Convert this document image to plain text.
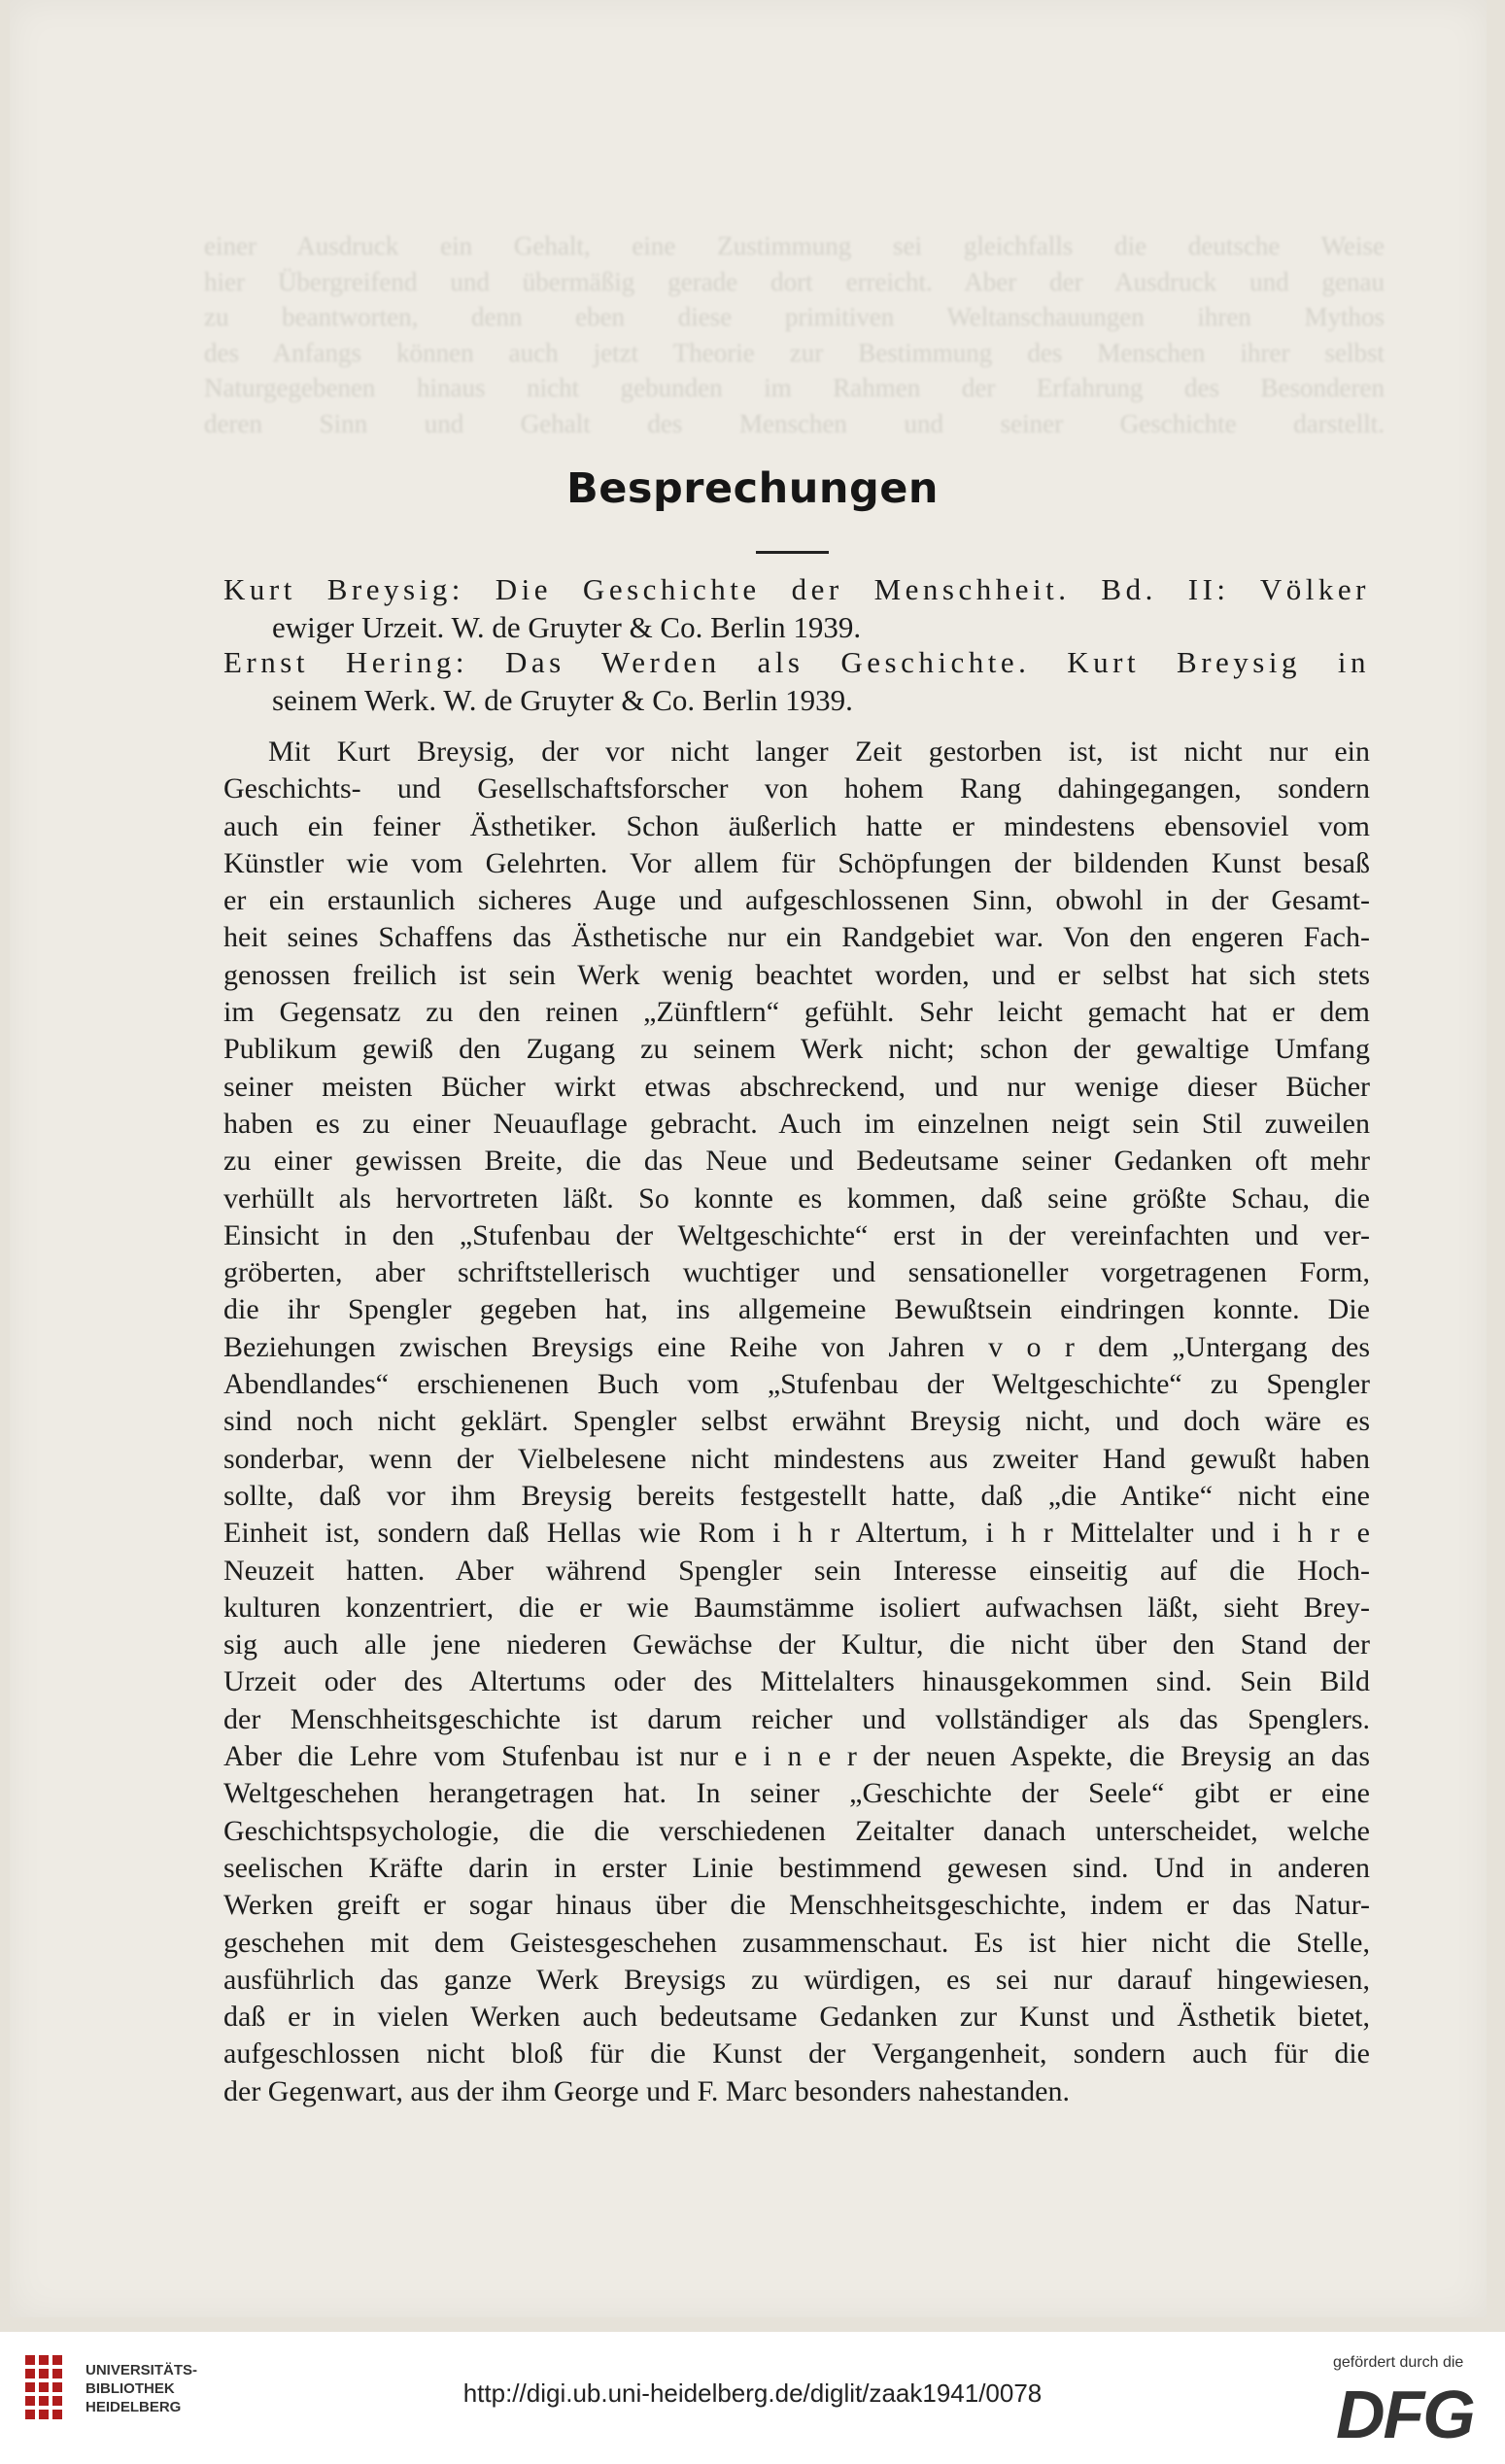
einer Ausdruck ein Gehalt, eine Zustimmung sei gleichfalls die deutsche Weise
hier Übergreifend und übermäßig gerade dort erreicht. Aber der Ausdruck und genau
zu beantworten, denn eben diese primitiven Weltanschauungen ihren Mythos
des Anfangs können auch jetzt Theorie zur Bestimmung des Menschen ihrer selbst
Naturgegebenen hinaus nicht gebunden im Rahmen der Erfahrung des Besonderen
deren Sinn und Gehalt des Menschen und seiner Geschichte darstellt.
Besprechungen
Kurt Breysig: Die Geschichte der Menschheit. Bd. II: Völker
ewiger Urzeit. W. de Gruyter & Co. Berlin 1939.
Ernst Hering: Das Werden als Geschichte. Kurt Breysig in
seinem Werk. W. de Gruyter & Co. Berlin 1939.
Mit Kurt Breysig, der vor nicht langer Zeit gestorben ist, ist nicht nur ein
Geschichts- und Gesellschaftsforscher von hohem Rang dahingegangen, sondern
auch ein feiner Ästhetiker. Schon äußerlich hatte er mindestens ebensoviel vom
Künstler wie vom Gelehrten. Vor allem für Schöpfungen der bildenden Kunst besaß
er ein erstaunlich sicheres Auge und aufgeschlossenen Sinn, obwohl in der Gesamt-
heit seines Schaffens das Ästhetische nur ein Randgebiet war. Von den engeren Fach-
genossen freilich ist sein Werk wenig beachtet worden, und er selbst hat sich stets
im Gegensatz zu den reinen „Zünftlern“ gefühlt. Sehr leicht gemacht hat er dem
Publikum gewiß den Zugang zu seinem Werk nicht; schon der gewaltige Umfang
seiner meisten Bücher wirkt etwas abschreckend, und nur wenige dieser Bücher
haben es zu einer Neuauflage gebracht. Auch im einzelnen neigt sein Stil zuweilen
zu einer gewissen Breite, die das Neue und Bedeutsame seiner Gedanken oft mehr
verhüllt als hervortreten läßt. So konnte es kommen, daß seine größte Schau, die
Einsicht in den „Stufenbau der Weltgeschichte“ erst in der vereinfachten und ver-
gröberten, aber schriftstellerisch wuchtiger und sensationeller vorgetragenen Form,
die ihr Spengler gegeben hat, ins allgemeine Bewußtsein eindringen konnte. Die
Beziehungen zwischen Breysigs eine Reihe von Jahren v o r dem „Untergang des
Abendlandes“ erschienenen Buch vom „Stufenbau der Weltgeschichte“ zu Spengler
sind noch nicht geklärt. Spengler selbst erwähnt Breysig nicht, und doch wäre es
sonderbar, wenn der Vielbelesene nicht mindestens aus zweiter Hand gewußt haben
sollte, daß vor ihm Breysig bereits festgestellt hatte, daß „die Antike“ nicht eine
Einheit ist, sondern daß Hellas wie Rom i h r Altertum, i h r Mittelalter und i h r e
Neuzeit hatten. Aber während Spengler sein Interesse einseitig auf die Hoch-
kulturen konzentriert, die er wie Baumstämme isoliert aufwachsen läßt, sieht Brey-
sig auch alle jene niederen Gewächse der Kultur, die nicht über den Stand der
Urzeit oder des Altertums oder des Mittelalters hinausgekommen sind. Sein Bild
der Menschheitsgeschichte ist darum reicher und vollständiger als das Spenglers.
Aber die Lehre vom Stufenbau ist nur e i n e r der neuen Aspekte, die Breysig an das
Weltgeschehen herangetragen hat. In seiner „Geschichte der Seele“ gibt er eine
Geschichtspsychologie, die die verschiedenen Zeitalter danach unterscheidet, welche
seelischen Kräfte darin in erster Linie bestimmend gewesen sind. Und in anderen
Werken greift er sogar hinaus über die Menschheitsgeschichte, indem er das Natur-
geschehen mit dem Geistesgeschehen zusammenschaut. Es ist hier nicht die Stelle,
ausführlich das ganze Werk Breysigs zu würdigen, es sei nur darauf hingewiesen,
daß er in vielen Werken auch bedeutsame Gedanken zur Kunst und Ästhetik bietet,
aufgeschlossen nicht bloß für die Kunst der Vergangenheit, sondern auch für die
der Gegenwart, aus der ihm George und F. Marc besonders nahestanden.
UNIVERSITÄTS-
BIBLIOTHEK
HEIDELBERG	http://digi.ub.uni-heidelberg.de/diglit/zaak1941/0078
gefördert durch die
DFG
